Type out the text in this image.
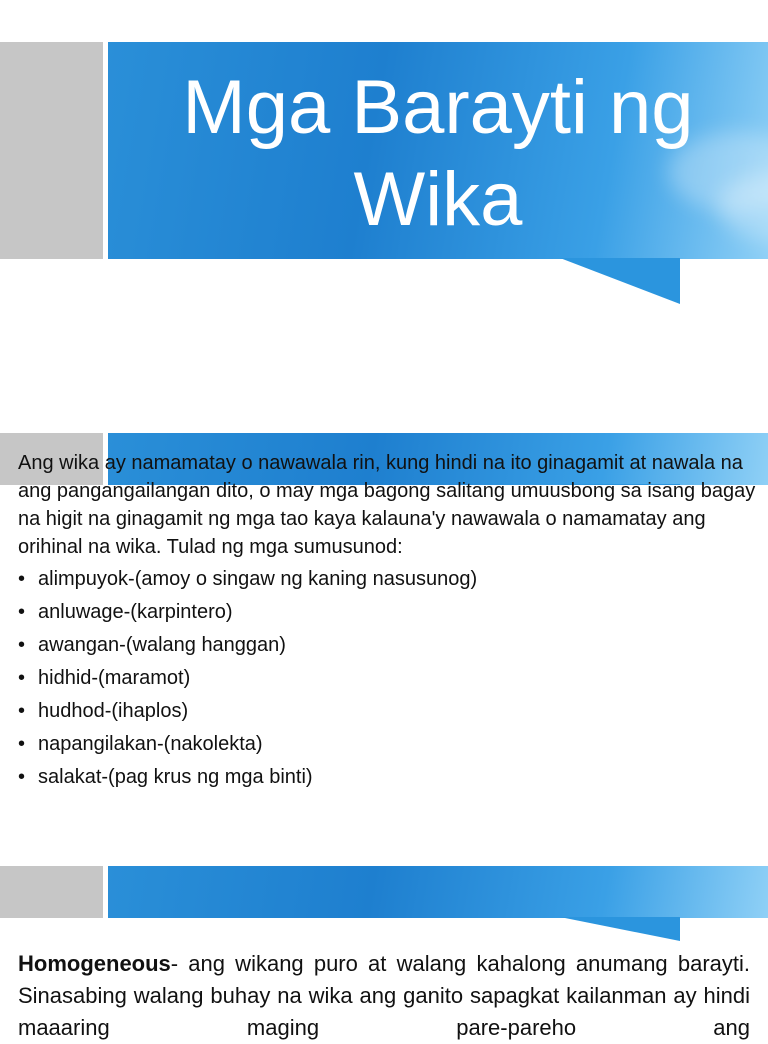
Mga Barayti ng
Wika

Ang wika ay namamatay o nawawala rin, kung hindi na ito ginagamit at nawala na ang pangangailangan dito, o may mga bagong salitang umuusbong sa isang bagay na higit na ginagamit ng mga tao kaya kalauna'y nawawala o namamatay ang orihinal na wika. Tulad ng mga sumusunod:

• alimpuyok-(amoy o singaw ng kaning nasusunog)
• anluwage-(karpintero)
• awangan-(walang hanggan)
• hidhid-(maramot)
• hudhod-(ihaplos)
• napangilakan-(nakolekta)
• salakat-(pag krus ng mga binti)
Homogeneous- ang wikang puro at walang kahalong anumang barayti. Sinasabing walang buhay na wika ang ganito sapagkat kailanman ay hindi maaaring maging pare-pareho ang
